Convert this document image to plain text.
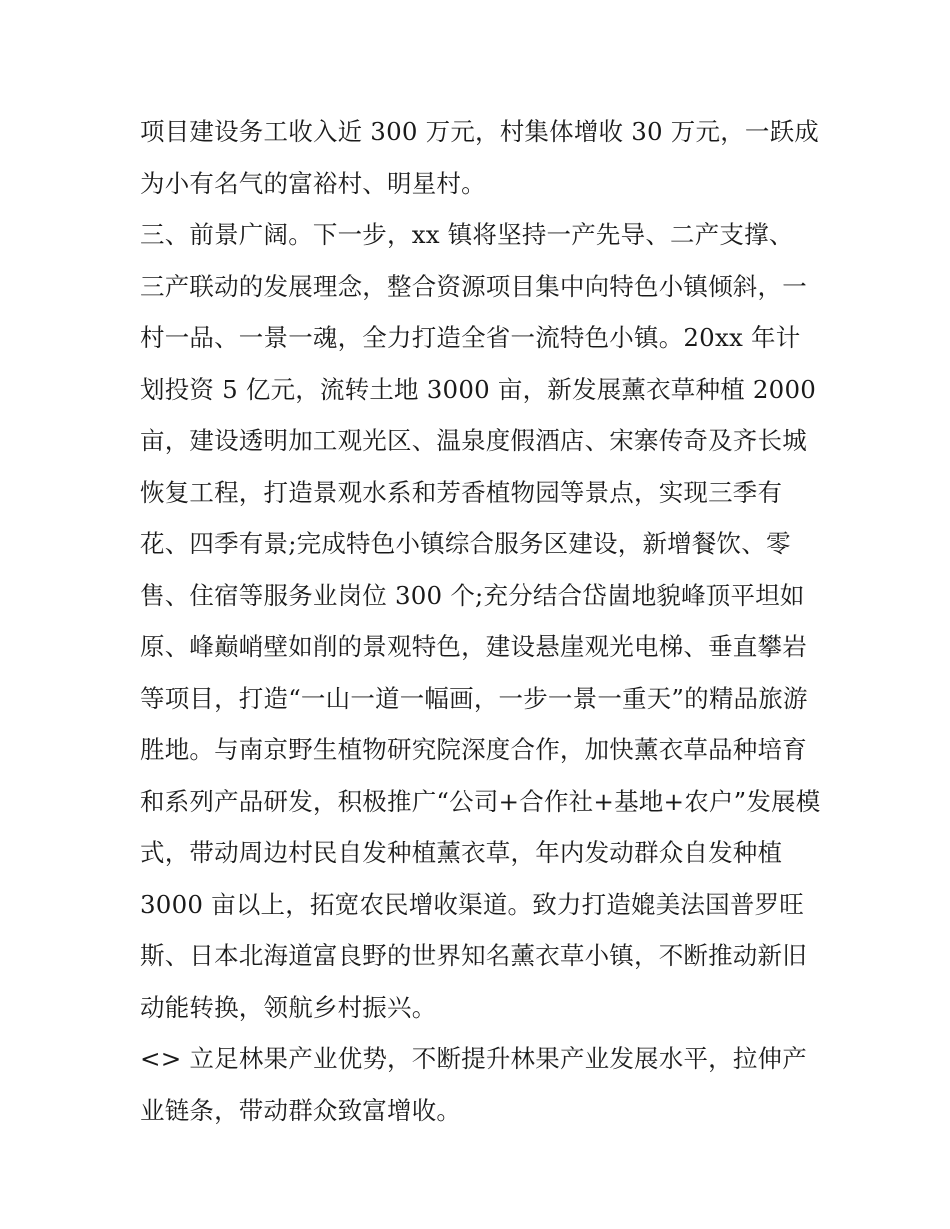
项目建设务工收入近 300 万元，村集体增收 30 万元，一跃成
为小有名气的富裕村、明星村。
三、前景广阔。下一步，xx 镇将坚持一产先导、二产支撑、
三产联动的发展理念，整合资源项目集中向特色小镇倾斜，一
村一品、一景一魂，全力打造全省一流特色小镇。20xx 年计
划投资 5 亿元，流转土地 3000 亩，新发展薰衣草种植 2000
亩，建设透明加工观光区、温泉度假酒店、宋寨传奇及齐长城
恢复工程，打造景观水系和芳香植物园等景点，实现三季有
花、四季有景;完成特色小镇综合服务区建设，新增餐饮、零
售、住宿等服务业岗位 300 个;充分结合岱崮地貌峰顶平坦如
原、峰巅峭壁如削的景观特色，建设悬崖观光电梯、垂直攀岩
等项目，打造“一山一道一幅画，一步一景一重天”的精品旅游
胜地。与南京野生植物研究院深度合作，加快薰衣草品种培育
和系列产品研发，积极推广“公司+合作社+基地+农户”发展模
式，带动周边村民自发种植薰衣草，年内发动群众自发种植
3000 亩以上，拓宽农民增收渠道。致力打造媲美法国普罗旺
斯、日本北海道富良野的世界知名薰衣草小镇，不断推动新旧
动能转换，领航乡村振兴。
<> 立足林果产业优势，不断提升林果产业发展水平，拉伸产
业链条，带动群众致富增收。
